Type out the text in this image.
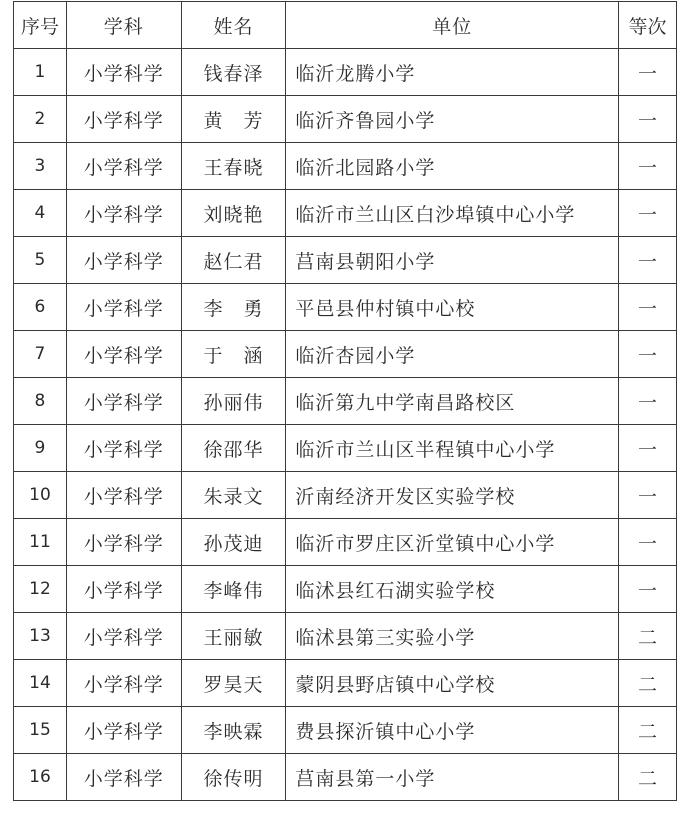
序号	学科	姓名	单位	等次
1	小学科学	钱春泽	临沂龙腾小学	一
2	小学科学	黄　芳	临沂齐鲁园小学	一
3	小学科学	王春晓	临沂北园路小学	一
4	小学科学	刘晓艳	临沂市兰山区白沙埠镇中心小学	一
5	小学科学	赵仁君	莒南县朝阳小学	一
6	小学科学	李　勇	平邑县仲村镇中心校	一
7	小学科学	于　涵	临沂杏园小学	一
8	小学科学	孙丽伟	临沂第九中学南昌路校区	一
9	小学科学	徐邵华	临沂市兰山区半程镇中心小学	一
10	小学科学	朱录文	沂南经济开发区实验学校	一
11	小学科学	孙茂迪	临沂市罗庄区沂堂镇中心小学	一
12	小学科学	李峰伟	临沭县红石湖实验学校	一
13	小学科学	王丽敏	临沭县第三实验小学	二
14	小学科学	罗昊天	蒙阴县野店镇中心学校	二
15	小学科学	李映霖	费县探沂镇中心小学	二
16	小学科学	徐传明	莒南县第一小学	二
